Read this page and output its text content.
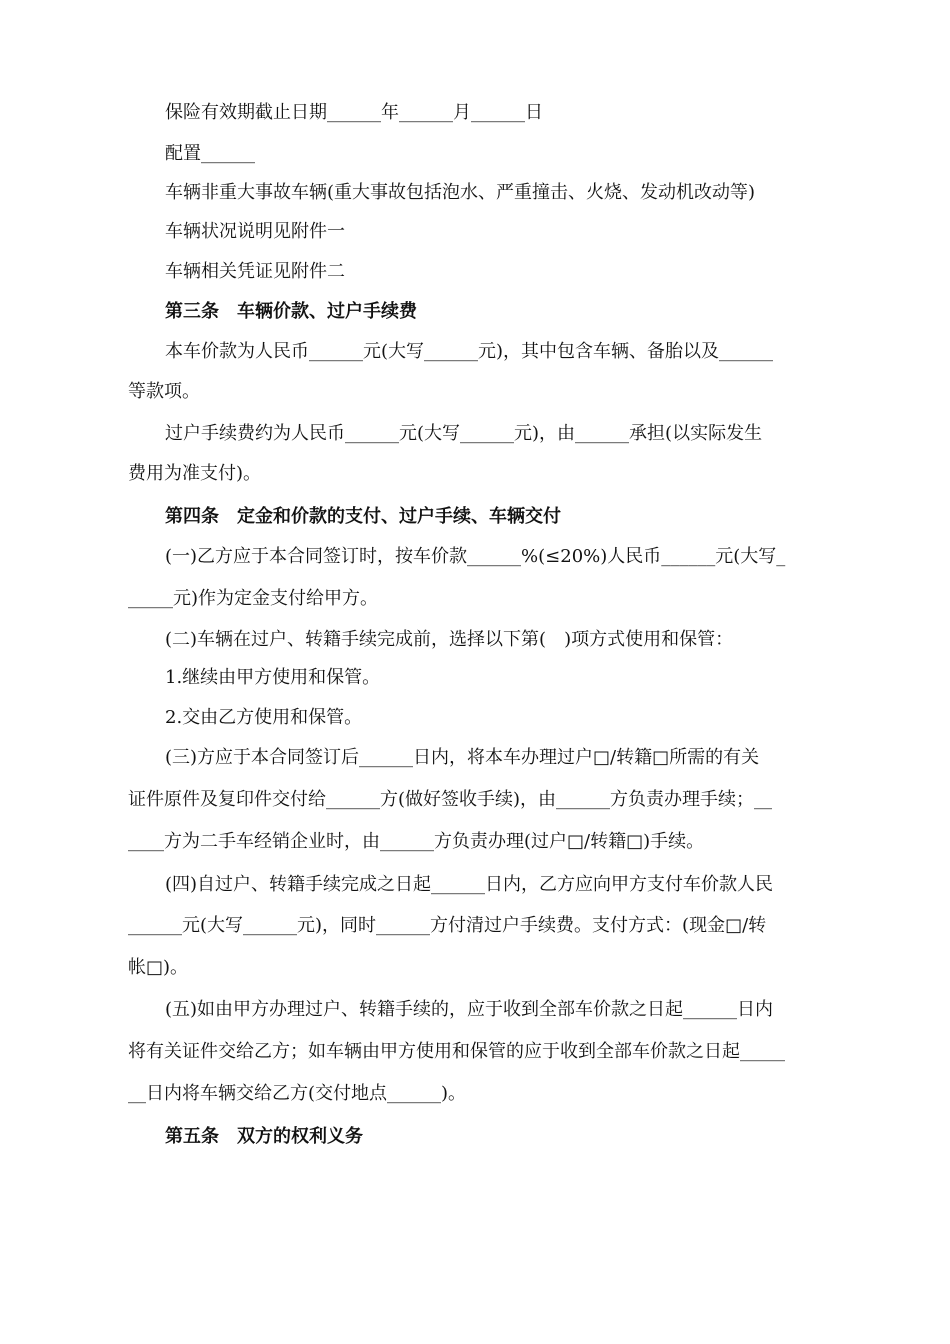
保险有效期截止日期______年______月______日
配置______
车辆非重大事故车辆(重大事故包括泡水、严重撞击、火烧、发动机改动等)
车辆状况说明见附件一
车辆相关凭证见附件二
第三条　车辆价款、过户手续费
本车价款为人民币______元(大写______元)，其中包含车辆、备胎以及______
等款项。
过户手续费约为人民币______元(大写______元)，由______承担(以实际发生
费用为准支付)。
第四条　定金和价款的支付、过户手续、车辆交付
(一)乙方应于本合同签订时，按车价款______%(≤20%)人民币______元(大写_
_____元)作为定金支付给甲方。
(二)车辆在过户、转籍手续完成前，选择以下第(　)项方式使用和保管：
1.继续由甲方使用和保管。
2.交由乙方使用和保管。
(三)方应于本合同签订后______日内，将本车办理过户□/转籍□所需的有关
证件原件及复印件交付给______方(做好签收手续)，由______方负责办理手续；__
____方为二手车经销企业时，由______方负责办理(过户□/转籍□)手续。
(四)自过户、转籍手续完成之日起______日内，乙方应向甲方支付车价款人民
______元(大写______元)，同时______方付清过户手续费。支付方式：(现金□/转
帐□)。
(五)如由甲方办理过户、转籍手续的，应于收到全部车价款之日起______日内
将有关证件交给乙方；如车辆由甲方使用和保管的应于收到全部车价款之日起_____
__日内将车辆交给乙方(交付地点______)。
第五条　双方的权利义务
